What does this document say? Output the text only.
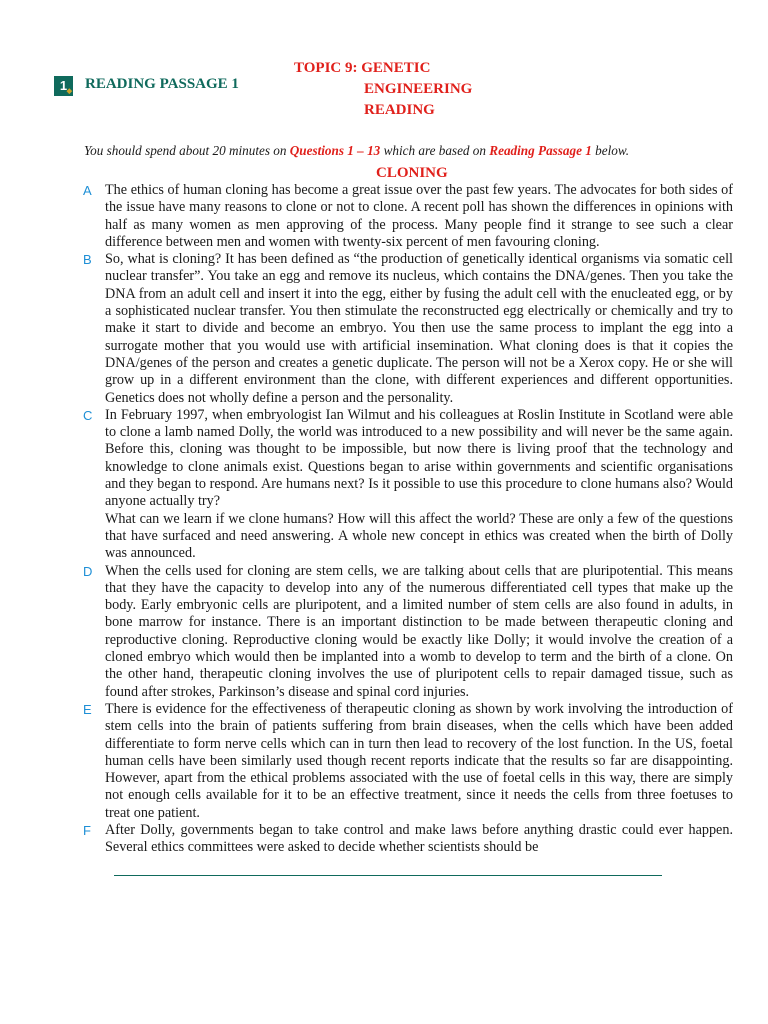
TOPIC 9: GENETIC
ENGINEERING
READING
1 ◆ READING PASSAGE 1
You should spend about 20 minutes on Questions 1 – 13 which are based on Reading Passage 1 below.
CLONING

A The ethics of human cloning has become a great issue over the past few years. The advocates for both sides of the issue have many reasons to clone or not to clone. A recent poll has shown the differences in opinions with half as many women as men approving of the process. Many people find it strange to see such a clear difference between men and women with twenty-six percent of men favouring cloning.

B So, what is cloning? It has been defined as “the production of genetically identical organisms via somatic cell nuclear transfer”. You take an egg and remove its nucleus, which contains the DNA/genes. Then you take the DNA from an adult cell and insert it into the egg, either by fusing the adult cell with the enucleated egg, or by a sophisticated nuclear transfer. You then stimulate the reconstructed egg electrically or chemically and try to make it start to divide and become an embryo. You then use the same process to implant the egg into a surrogate mother that you would use with artificial insemination. What cloning does is that it copies the DNA/genes of the person and creates a genetic duplicate. The person will not be a Xerox copy. He or she will grow up in a different environment than the clone, with different experiences and different opportunities. Genetics does not wholly define a person and the personality.

C In February 1997, when embryologist Ian Wilmut and his colleagues at Roslin Institute in Scotland were able to clone a lamb named Dolly, the world was introduced to a new possibility and will never be the same again. Before this, cloning was thought to be impossible, but now there is living proof that the technology and knowledge to clone animals exist. Questions began to arise within governments and scientific organisations and they began to respond. Are humans next? Is it possible to use this procedure to clone humans also? Would anyone actually try?

What can we learn if we clone humans? How will this affect the world? These are only a few of the questions that have surfaced and need answering. A whole new concept in ethics was created when the birth of Dolly was announced.

D When the cells used for cloning are stem cells, we are talking about cells that are pluripotential. This means that they have the capacity to develop into any of the numerous differentiated cell types that make up the body. Early embryonic cells are pluripotent, and a limited number of stem cells are also found in adults, in bone marrow for instance. There is an important distinction to be made between therapeutic cloning and reproductive cloning. Reproductive cloning would be exactly like Dolly; it would involve the creation of a cloned embryo which would then be implanted into a womb to develop to term and the birth of a clone. On the other hand, therapeutic cloning involves the use of pluripotent cells to repair damaged tissue, such as found after strokes, Parkinson’s disease and spinal cord injuries.

E There is evidence for the effectiveness of therapeutic cloning as shown by work involving the introduction of stem cells into the brain of patients suffering from brain diseases, when the cells which have been added differentiate to form nerve cells which can in turn then lead to recovery of the lost function. In the US, foetal human cells have been similarly used though recent reports indicate that the results so far are disappointing. However, apart from the ethical problems associated with the use of foetal cells in this way, there are simply not enough cells available for it to be an effective treatment, since it needs the cells from three foetuses to treat one patient.

F After Dolly, governments began to take control and make laws before anything drastic could ever happen. Several ethics committees were asked to decide whether scientists should be
